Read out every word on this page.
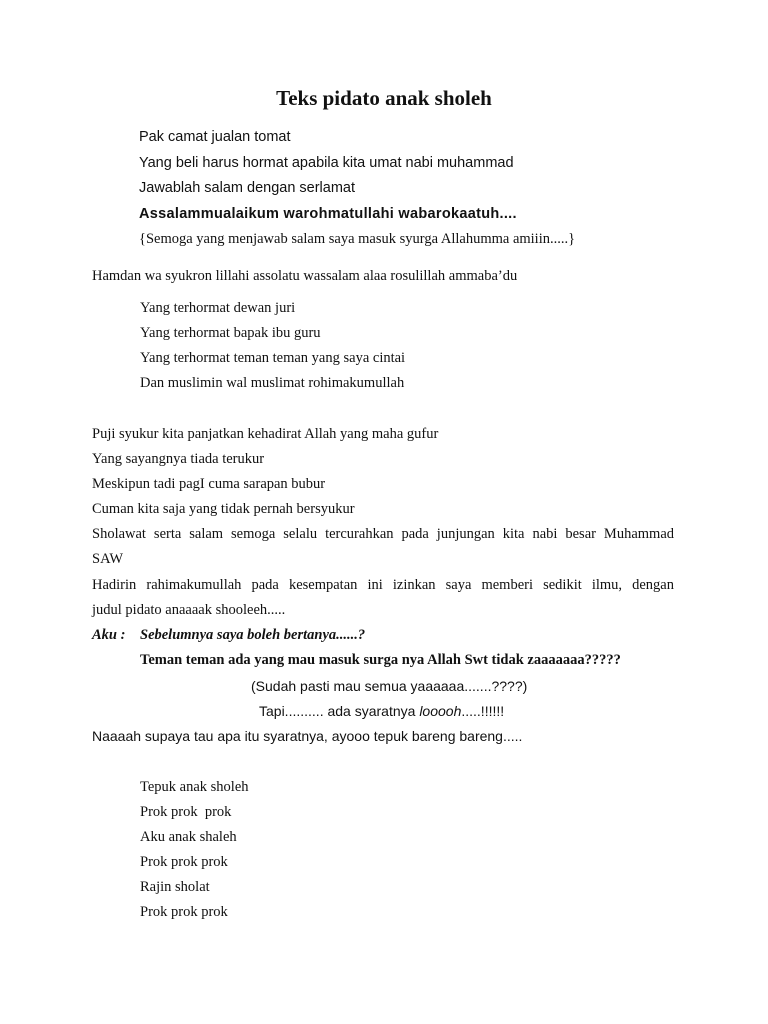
Teks pidato anak sholeh
Pak camat jualan tomat
Yang beli harus hormat apabila kita umat nabi muhammad
Jawablah salam dengan serlamat
Assalammualaikum warohmatullahi wabarokaatuh....
{Semoga yang menjawab salam saya masuk syurga Allahumma amiiin.....}
Hamdan wa syukron lillahi assolatu wassalam alaa rosulillah ammaba’du
Yang terhormat dewan juri
Yang terhormat bapak ibu guru
Yang terhormat teman teman yang saya cintai
Dan muslimin wal muslimat rohimakumullah
Puji syukur kita panjatkan kehadirat Allah yang maha gufur
Yang sayangnya tiada terukur
Meskipun tadi pagI cuma sarapan bubur
Cuman kita saja yang tidak pernah bersyukur
Sholawat serta salam semoga selalu tercurahkan pada junjungan kita nabi besar Muhammad
SAW
Hadirin rahimakumullah pada kesempatan ini izinkan saya memberi sedikit ilmu, dengan
judul pidato anaaaak shooleeh.....
Aku : Sebelumnya saya boleh bertanya......?
Teman teman ada yang mau masuk surga nya Allah Swt tidak zaaaaaaa?????
(Sudah pasti mau semua yaaaaaa.......????)
Tapi.......... ada syaratnya looooh.....!!!!!!
Naaaah supaya tau apa itu syaratnya, ayooo tepuk bareng bareng.....
Tepuk anak sholeh
Prok prok  prok
Aku anak shaleh
Prok prok prok
Rajin sholat
Prok prok prok
